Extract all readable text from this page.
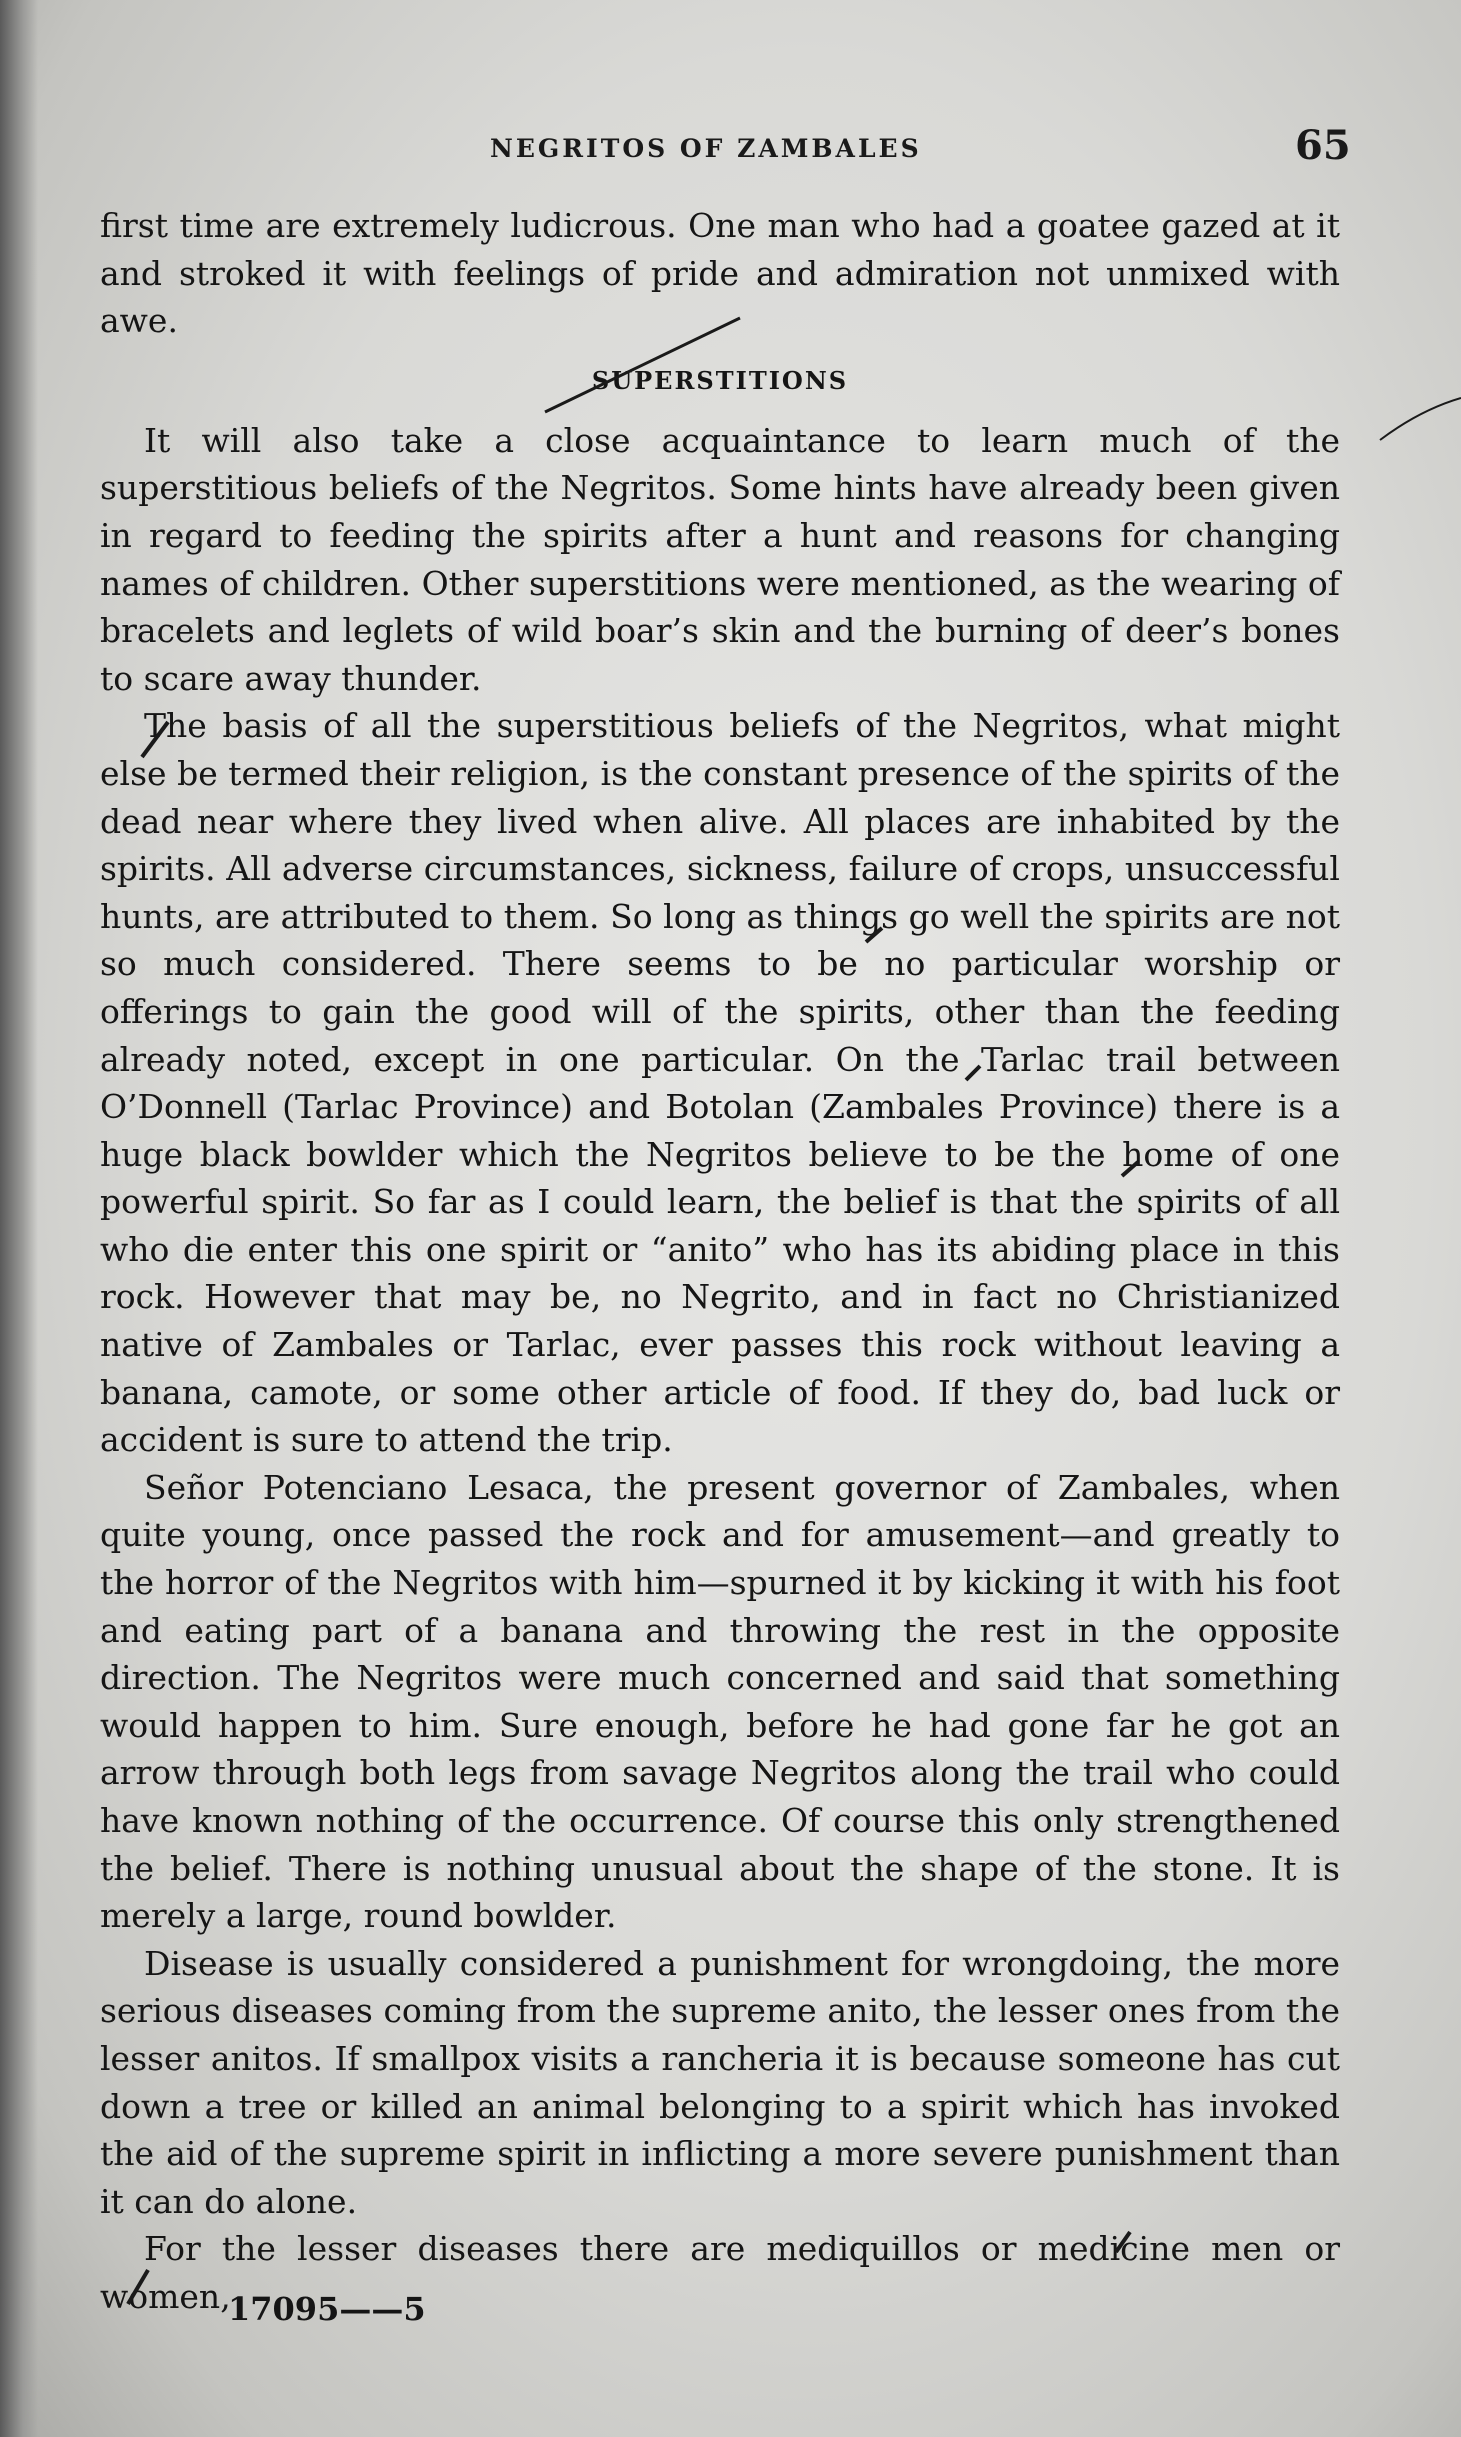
NEGRITOS OF ZAMBALES	65

first time are extremely ludicrous. One man who had a goatee gazed at it and stroked it with feelings of pride and admiration not unmixed with awe.

SUPERSTITIONS

It will also take a close acquaintance to learn much of the superstitious beliefs of the Negritos. Some hints have already been given in regard to feeding the spirits after a hunt and reasons for changing names of children. Other superstitions were mentioned, as the wearing of bracelets and leglets of wild boar’s skin and the burning of deer’s bones to scare away thunder.

The basis of all the superstitious beliefs of the Negritos, what might else be termed their religion, is the constant presence of the spirits of the dead near where they lived when alive. All places are inhabited by the spirits. All adverse circumstances, sickness, failure of crops, unsuccessful hunts, are attributed to them. So long as things go well the spirits are not so much considered. There seems to be no particular worship or offerings to gain the good will of the spirits, other than the feeding already noted, except in one particular. On the Tarlac trail between O’Donnell (Tarlac Province) and Botolan (Zambales Province) there is a huge black bowlder which the Negritos believe to be the home of one powerful spirit. So far as I could learn, the belief is that the spirits of all who die enter this one spirit or “anito” who has its abiding place in this rock. However that may be, no Negrito, and in fact no Christianized native of Zambales or Tarlac, ever passes this rock without leaving a banana, camote, or some other article of food. If they do, bad luck or accident is sure to attend the trip.

Señor Potenciano Lesaca, the present governor of Zambales, when quite young, once passed the rock and for amusement—and greatly to the horror of the Negritos with him—spurned it by kicking it with his foot and eating part of a banana and throwing the rest in the opposite direction. The Negritos were much concerned and said that something would happen to him. Sure enough, before he had gone far he got an arrow through both legs from savage Negritos along the trail who could have known nothing of the occurrence. Of course this only strengthened the belief. There is nothing unusual about the shape of the stone. It is merely a large, round bowlder.

Disease is usually considered a punishment for wrongdoing, the more serious diseases coming from the supreme anito, the lesser ones from the lesser anitos. If smallpox visits a rancheria it is because someone has cut down a tree or killed an animal belonging to a spirit which has invoked the aid of the supreme spirit in inflicting a more severe punishment than it can do alone.

For the lesser diseases there are mediquillos or medicine men or women,

17095——5
